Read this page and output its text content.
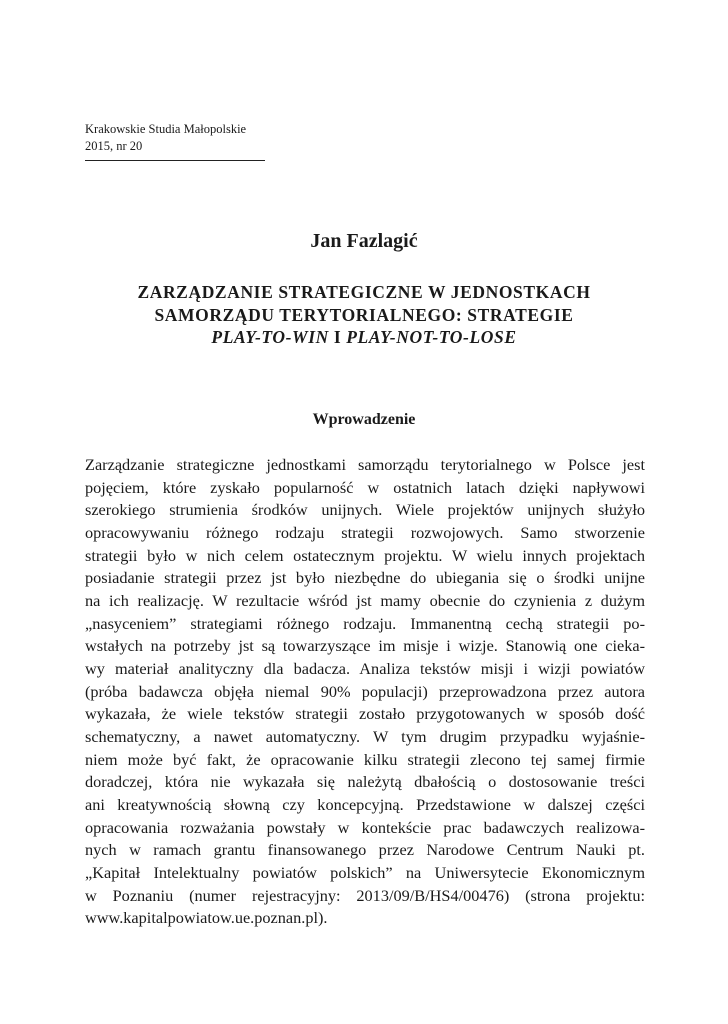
Krakowskie Studia Małopolskie
2015, nr 20
Jan Fazlagić
ZARZĄDZANIE STRATEGICZNE W JEDNOSTKACH
SAMORZĄDU TERYTORIALNEGO: STRATEGIE
PLAY-TO-WIN I PLAY-NOT-TO-LOSE
Wprowadzenie
Zarządzanie strategiczne jednostkami samorządu terytorialnego w Polsce jest
pojęciem, które zyskało popularność w ostatnich latach dzięki napływowi
szerokiego strumienia środków unijnych. Wiele projektów unijnych służyło
opracowywaniu różnego rodzaju strategii rozwojowych. Samo stworzenie
strategii było w nich celem ostatecznym projektu. W wielu innych projektach
posiadanie strategii przez jst było niezbędne do ubiegania się o środki unijne
na ich realizację. W rezultacie wśród jst mamy obecnie do czynienia z dużym
„nasyceniem” strategiami różnego rodzaju. Immanentną cechą strategii po-
wstałych na potrzeby jst są towarzyszące im misje i wizje. Stanowią one cieka-
wy materiał analityczny dla badacza. Analiza tekstów misji i wizji powiatów
(próba badawcza objęła niemal 90% populacji) przeprowadzona przez autora
wykazała, że wiele tekstów strategii zostało przygotowanych w sposób dość
schematyczny, a nawet automatyczny. W tym drugim przypadku wyjaśnie-
niem może być fakt, że opracowanie kilku strategii zlecono tej samej firmie
doradczej, która nie wykazała się należytą dbałością o dostosowanie treści
ani kreatywnością słowną czy koncepcyjną. Przedstawione w dalszej części
opracowania rozważania powstały w kontekście prac badawczych realizowa-
nych w ramach grantu finansowanego przez Narodowe Centrum Nauki pt.
„Kapitał Intelektualny powiatów polskich” na Uniwersytecie Ekonomicznym
w Poznaniu (numer rejestracyjny: 2013/09/B/HS4/00476) (strona projektu:
www.kapitalpowiatow.ue.poznan.pl).
